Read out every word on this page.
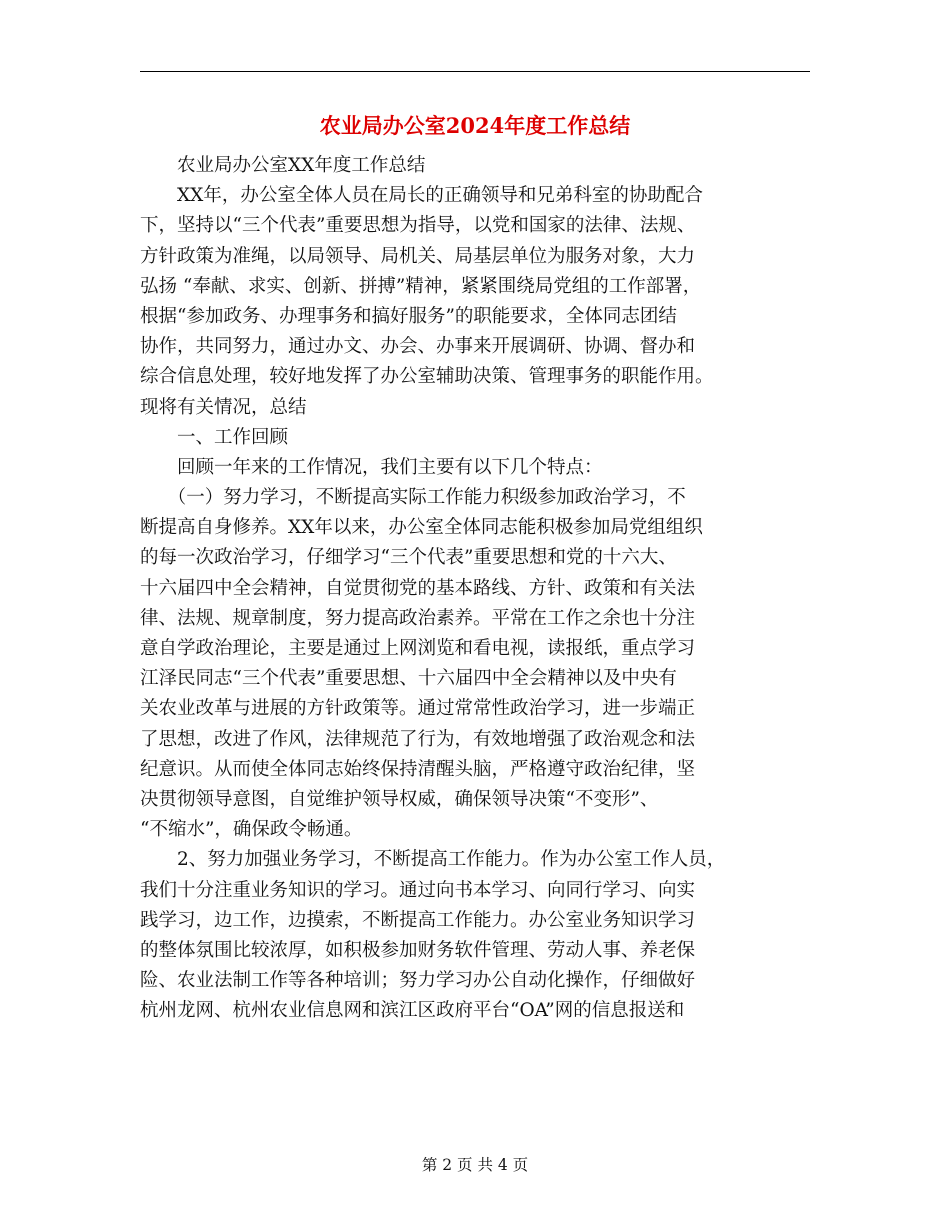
农业局办公室2024年度工作总结
　　农业局办公室XX年度工作总结
　　XX年，办公室全体人员在局长的正确领导和兄弟科室的协助配合
下，坚持以“三个代表”重要思想为指导，以党和国家的法律、法规、
方针政策为准绳，以局领导、局机关、局基层单位为服务对象，大力
弘扬 “奉献、求实、创新、拼搏”精神，紧紧围绕局党组的工作部署，
根据“参加政务、办理事务和搞好服务”的职能要求，全体同志团结
协作，共同努力，通过办文、办会、办事来开展调研、协调、督办和
综合信息处理，较好地发挥了办公室辅助决策、管理事务的职能作用。
现将有关情况，总结
　　一、工作回顾
　　回顾一年来的工作情况，我们主要有以下几个特点：
　　（一）努力学习，不断提高实际工作能力积级参加政治学习，不
断提高自身修养。XX年以来，办公室全体同志能积极参加局党组组织
的每一次政治学习，仔细学习“三个代表”重要思想和党的十六大、
十六届四中全会精神，自觉贯彻党的基本路线、方针、政策和有关法
律、法规、规章制度，努力提高政治素养。平常在工作之余也十分注
意自学政治理论，主要是通过上网浏览和看电视，读报纸，重点学习
江泽民同志“三个代表”重要思想、十六届四中全会精神以及中央有
关农业改革与进展的方针政策等。通过常常性政治学习，进一步端正
了思想，改进了作风，法律规范了行为，有效地增强了政治观念和法
纪意识。从而使全体同志始终保持清醒头脑，严格遵守政治纪律，坚
决贯彻领导意图，自觉维护领导权威，确保领导决策“不变形”、
“不缩水”，确保政令畅通。
　　2、努力加强业务学习，不断提高工作能力。作为办公室工作人员，
我们十分注重业务知识的学习。通过向书本学习、向同行学习、向实
践学习，边工作，边摸索，不断提高工作能力。办公室业务知识学习
的整体氛围比较浓厚，如积极参加财务软件管理、劳动人事、养老保
险、农业法制工作等各种培训；努力学习办公自动化操作，仔细做好
杭州龙网、杭州农业信息网和滨江区政府平台“OA”网的信息报送和
第 2 页 共 4 页
